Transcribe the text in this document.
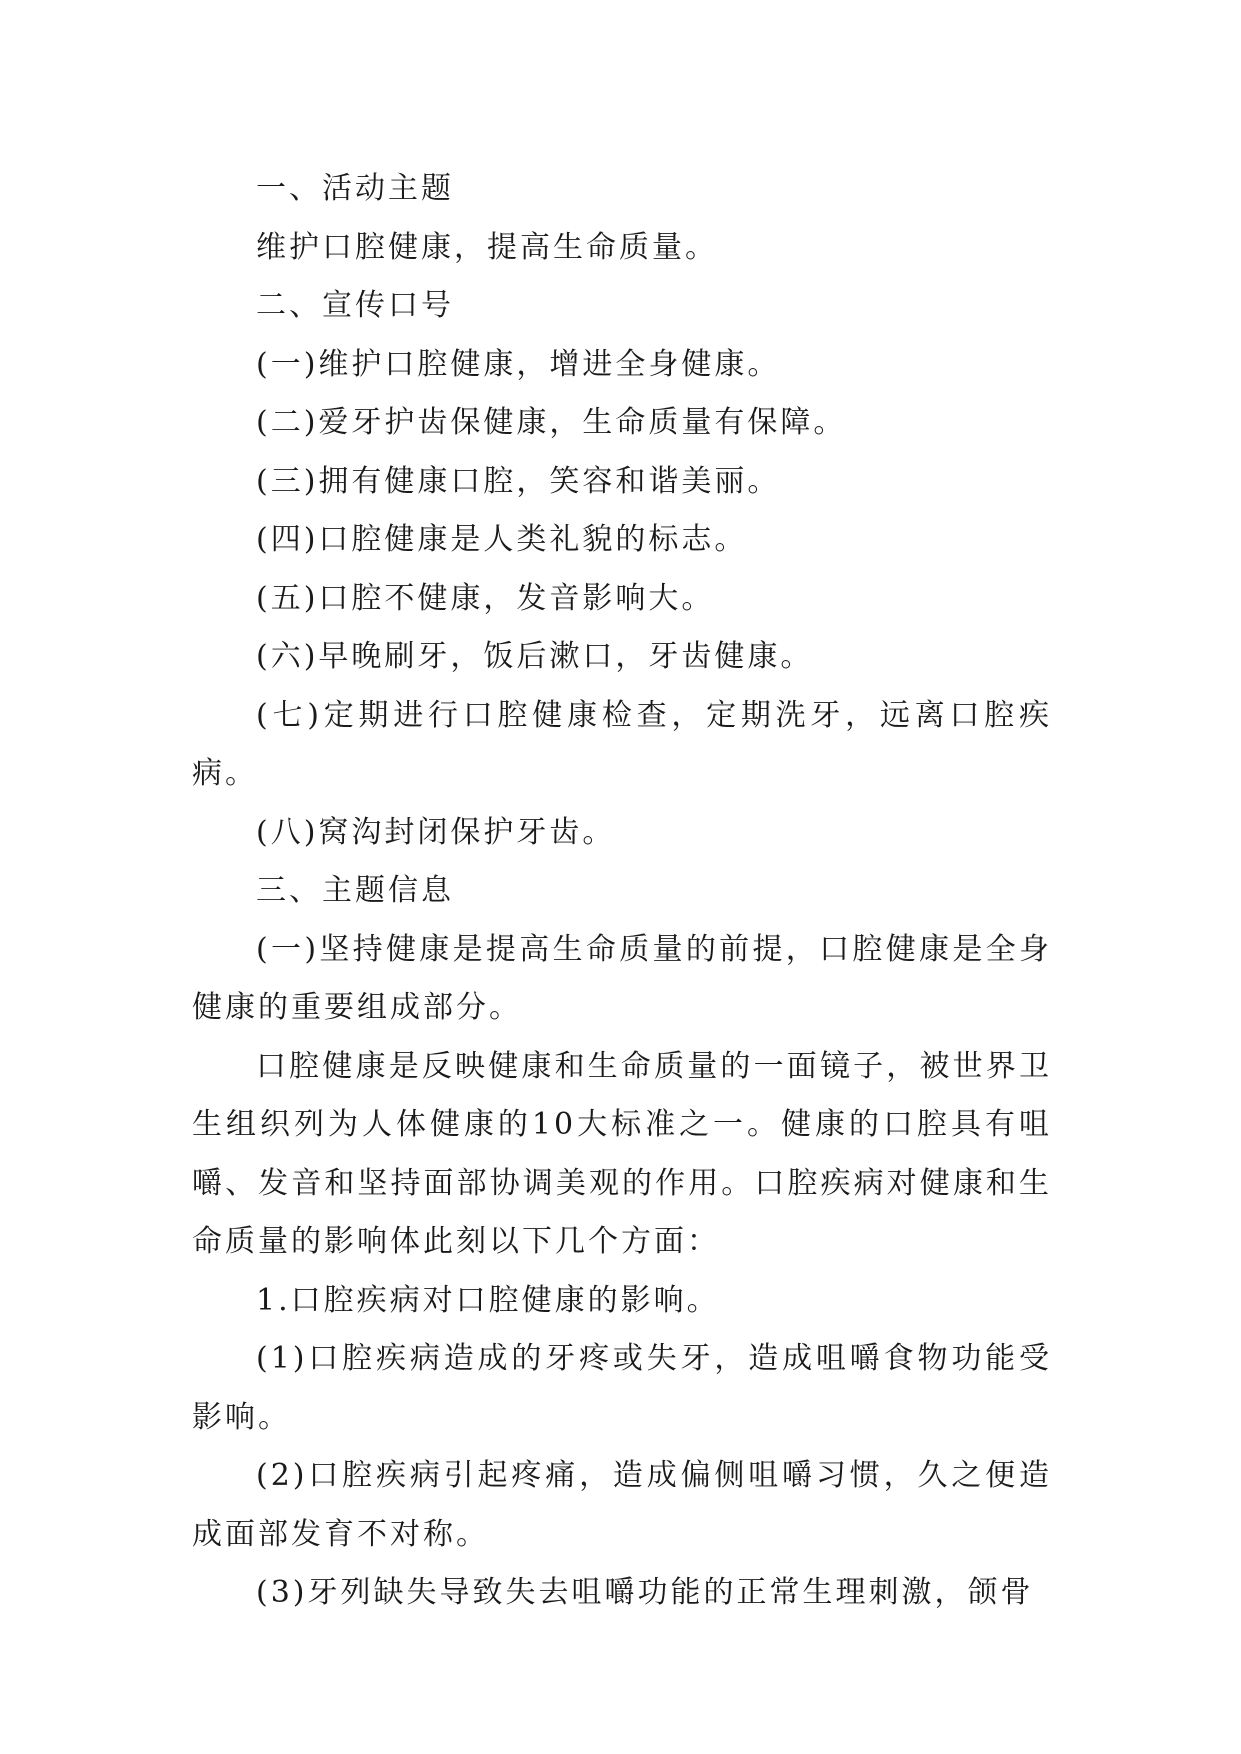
一、活动主题

维护口腔健康，提高生命质量。

二、宣传口号

(一)维护口腔健康，增进全身健康。

(二)爱牙护齿保健康，生命质量有保障。

(三)拥有健康口腔，笑容和谐美丽。

(四)口腔健康是人类礼貌的标志。

(五)口腔不健康，发音影响大。

(六)早晚刷牙，饭后漱口，牙齿健康。

(七)定期进行口腔健康检查，定期洗牙，远离口腔疾病。

(八)窝沟封闭保护牙齿。

三、主题信息

(一)坚持健康是提高生命质量的前提，口腔健康是全身健康的重要组成部分。

口腔健康是反映健康和生命质量的一面镜子，被世界卫生组织列为人体健康的10大标准之一。健康的口腔具有咀嚼、发音和坚持面部协调美观的作用。口腔疾病对健康和生命质量的影响体此刻以下几个方面：

1.口腔疾病对口腔健康的影响。

(1)口腔疾病造成的牙疼或失牙，造成咀嚼食物功能受影响。

(2)口腔疾病引起疼痛，造成偏侧咀嚼习惯，久之便造成面部发育不对称。

(3)牙列缺失导致失去咀嚼功能的正常生理刺激，颌骨
